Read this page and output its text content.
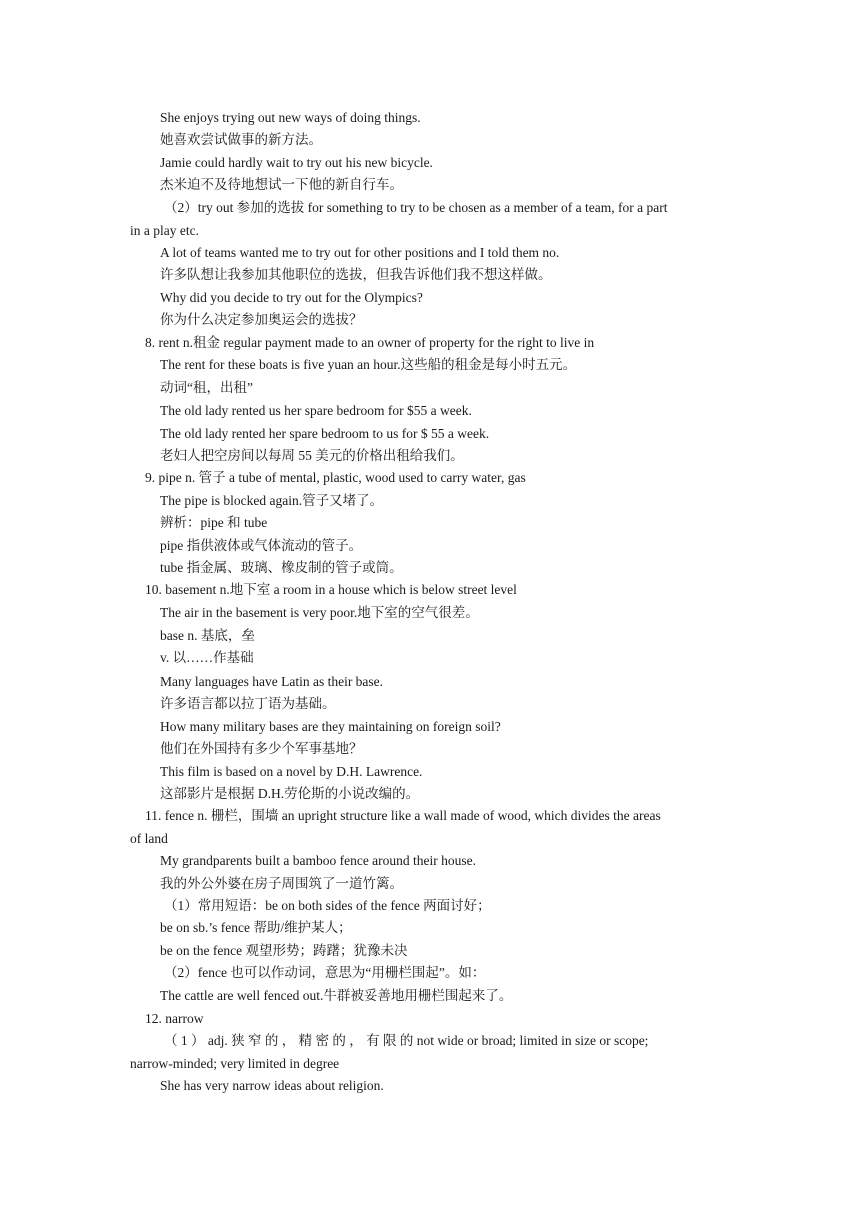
She enjoys trying out new ways of doing things.
她喜欢尝试做事的新方法。
Jamie could hardly wait to try out his new bicycle.
杰米迫不及待地想试一下他的新自行车。
（2）try out 参加的选拔 for something to try to be chosen as a member of a team, for a part
in a play etc.
A lot of teams wanted me to try out for other positions and I told them no.
许多队想让我参加其他职位的选拔，但我告诉他们我不想这样做。
Why did you decide to try out for the Olympics?
你为什么决定参加奥运会的选拔？
8. rent n.租金 regular payment made to an owner of property for the right to live in
The rent for these boats is five yuan an hour.这些船的租金是每小时五元。
动词“租，出租”
The old lady rented us her spare bedroom for $55 a week.
The old lady rented her spare bedroom to us for $ 55 a week.
老妇人把空房间以每周 55 美元的价格出租给我们。
9. pipe n. 管子 a tube of mental, plastic, wood used to carry water, gas
The pipe is blocked again.管子又堵了。
辨析：pipe 和 tube
pipe 指供液体或气体流动的管子。
tube 指金属、玻璃、橡皮制的管子或筒。
10. basement n.地下室 a room in a house which is below street level
The air in the basement is very poor.地下室的空气很差。
base n. 基底，垒
v. 以……作基础
Many languages have Latin as their base.
许多语言都以拉丁语为基础。
How many military bases are they maintaining on foreign soil?
他们在外国持有多少个军事基地？
This film is based on a novel by D.H. Lawrence.
这部影片是根据 D.H.劳伦斯的小说改编的。
11. fence n. 栅栏，围墙 an upright structure like a wall made of wood, which divides the areas
of land
My grandparents built a bamboo fence around their house.
我的外公外婆在房子周围筑了一道竹篱。
（1）常用短语：be on both sides of the fence 两面讨好；
be on sb.’s fence 帮助/维护某人；
be on the fence 观望形势；踌躇；犹豫未决
（2）fence 也可以作动词，意思为“用栅栏围起”。如：
The cattle are well fenced out.牛群被妥善地用栅栏围起来了。
12. narrow
（ 1 ） adj. 狭 窄 的 ， 精 密 的 ， 有 限 的 not wide or broad; limited in size or scope;
narrow-minded; very limited in degree
She has very narrow ideas about religion.
